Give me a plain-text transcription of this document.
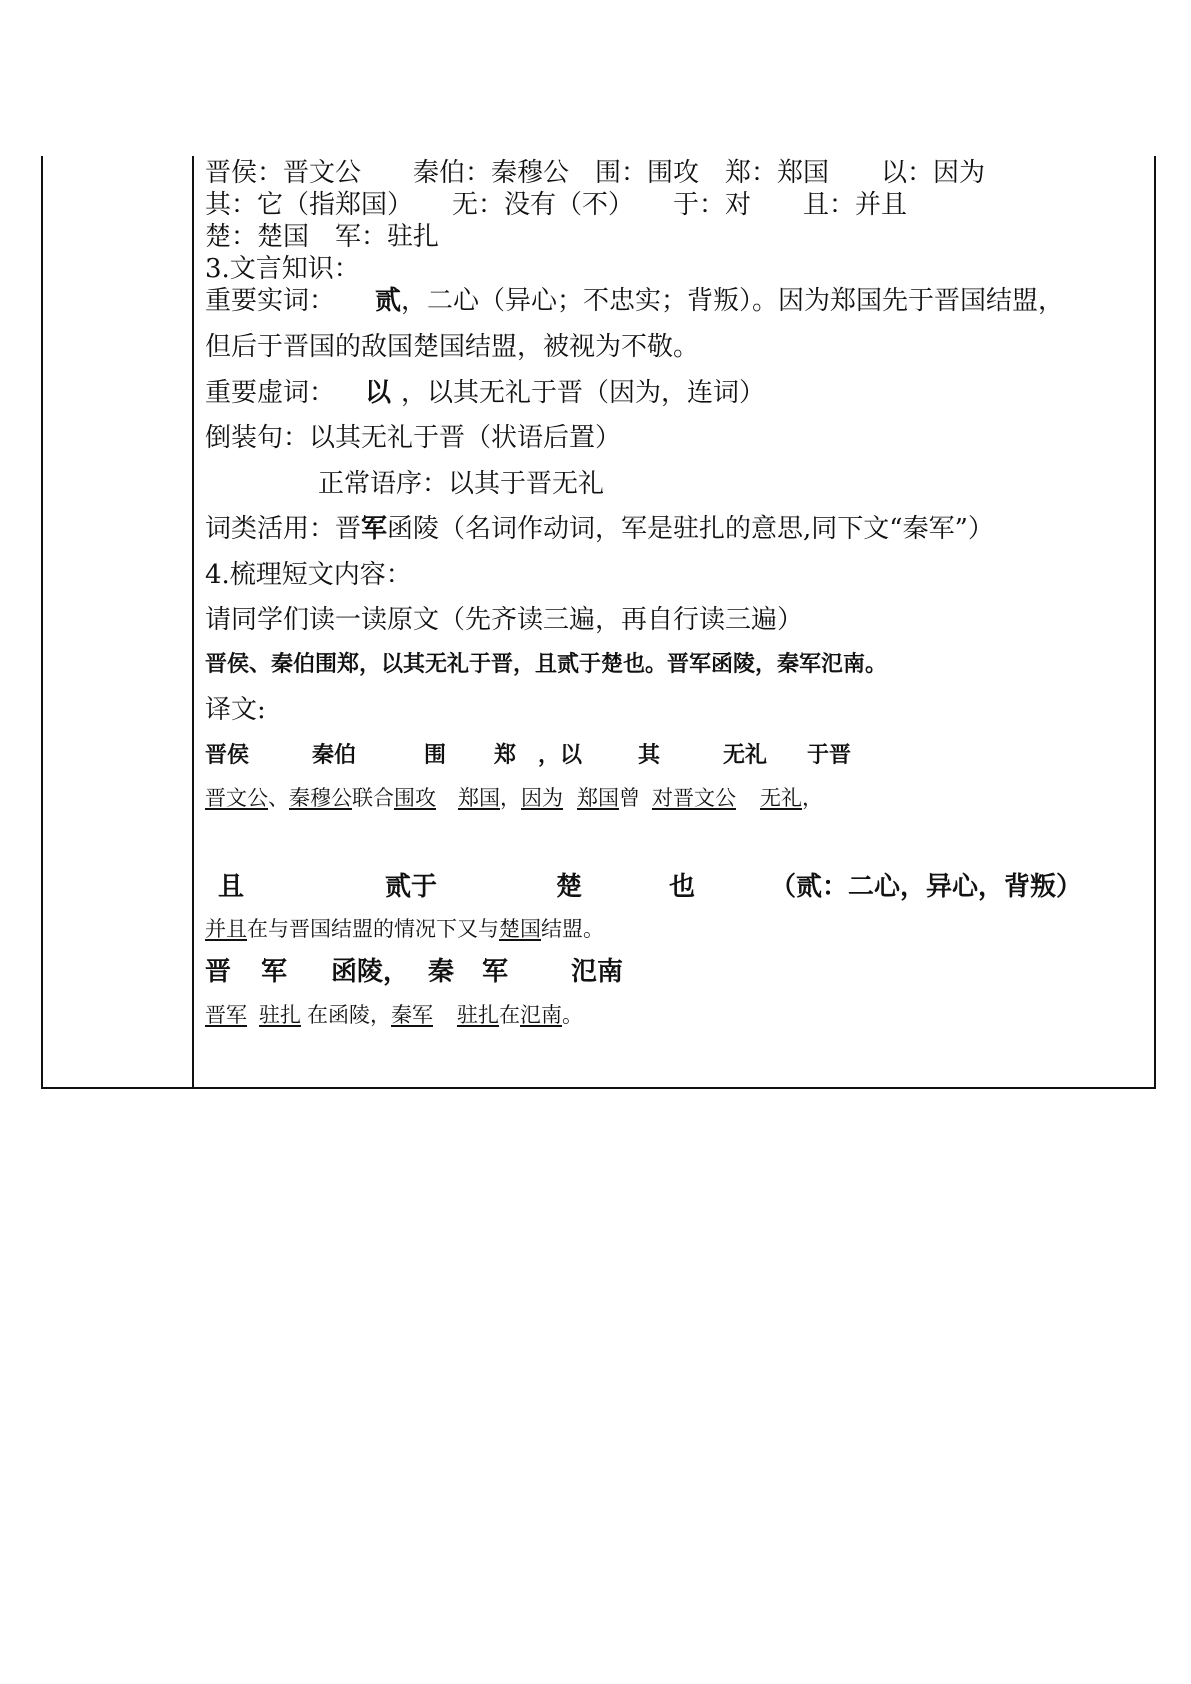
晋侯：晋文公　　秦伯：秦穆公　围：围攻　郑：郑国　　以：因为
其：它（指郑国）　　无：没有（不）　　于：对　　且：并且
楚：楚国　军：驻扎
3.文言知识：
重要实词： 贰，二心（异心；不忠实；背叛）。因为郑国先于晋国结盟，
但后于晋国的敌国楚国结盟，被视为不敬。
重要虚词： 以 ，以其无礼于晋（因为，连词）
倒装句：以其无礼于晋（状语后置）
正常语序：以其于晋无礼
词类活用：晋军函陵（名词作动词，军是驻扎的意思,同下文“秦军”）
4.梳理短文内容：
请同学们读一读原文（先齐读三遍，再自行读三遍）
晋侯、秦伯围郑，以其无礼于晋，且贰于楚也。晋军函陵，秦军氾南。
译文:
晋侯	秦伯	围 郑 ，以	其	无礼 于晋
晋文公、秦穆公联合围攻 郑国，因为 郑国曾 对晋文公 无礼，
且	贰于	楚	也	（贰：二心，异心，背叛）
并且在与晋国结盟的情况下又与楚国结盟。
晋 军 函陵， 秦 军 氾南
晋军 驻扎 在函陵，秦军 驻扎在氾南。
